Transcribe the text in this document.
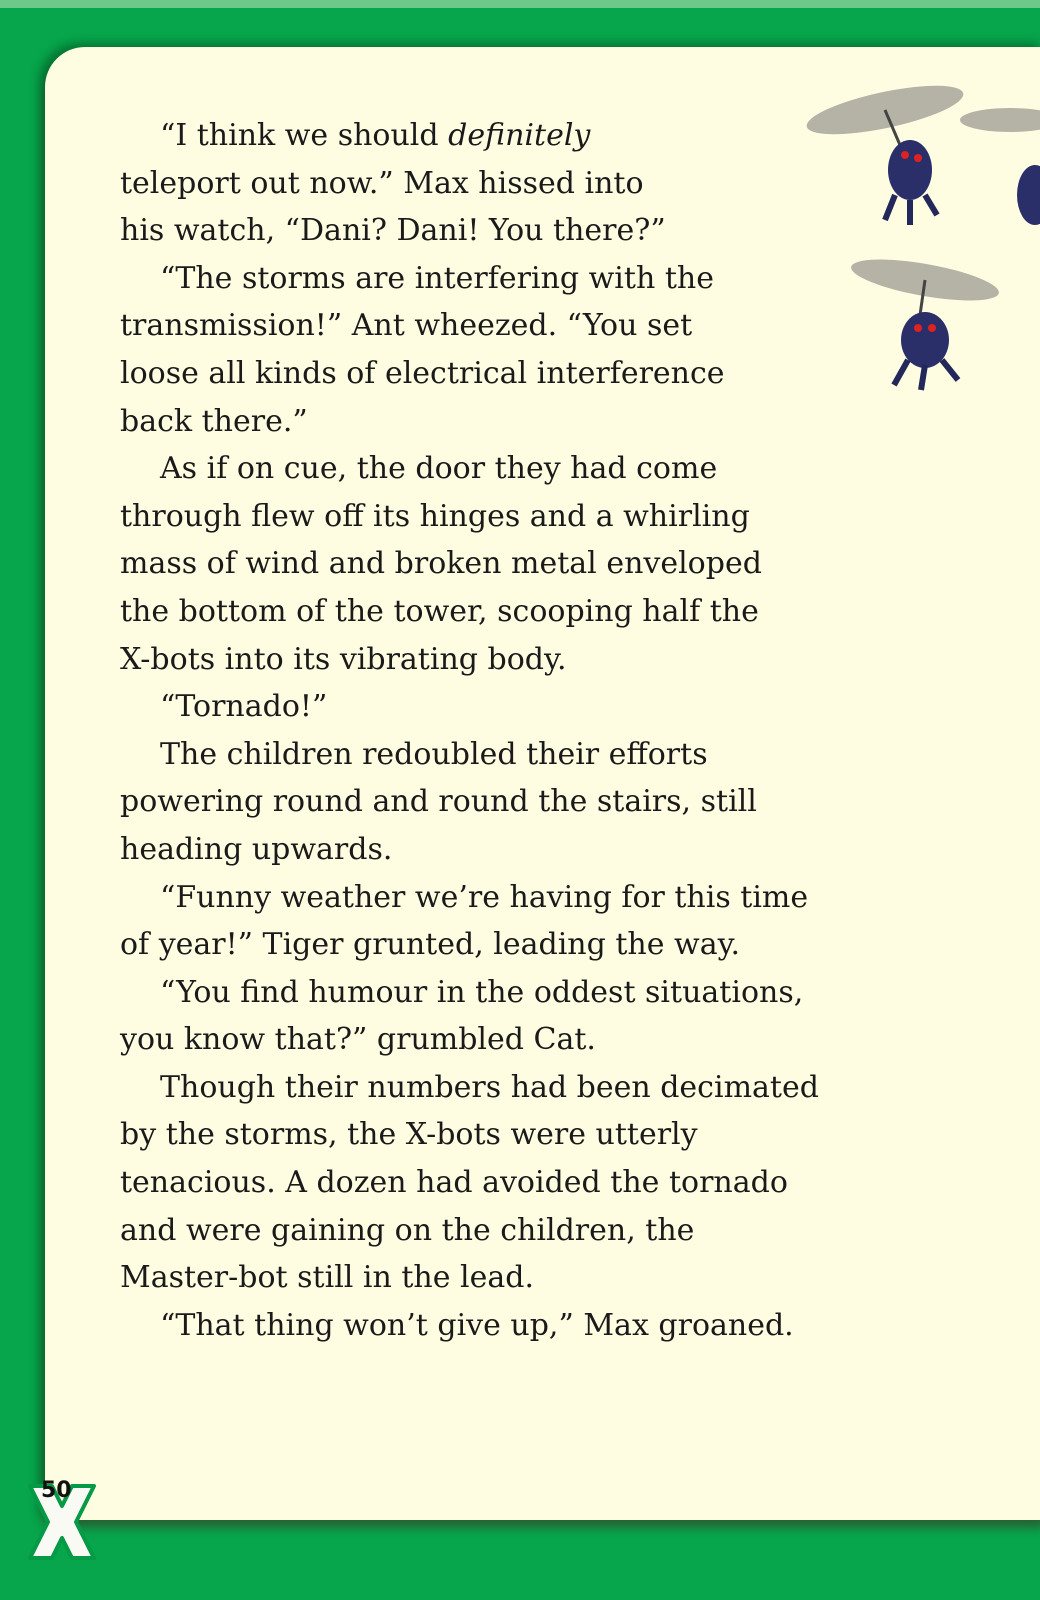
“I think we should definitely
teleport out now.” Max hissed into
his watch, “Dani? Dani! You there?”
“The storms are interfering with the
transmission!” Ant wheezed. “You set
loose all kinds of electrical interference
back there.”
As if on cue, the door they had come
through flew off its hinges and a whirling
mass of wind and broken metal enveloped
the bottom of the tower, scooping half the
X-bots into its vibrating body.
“Tornado!”
The children redoubled their efforts
powering round and round the stairs, still
heading upwards.
“Funny weather we’re having for this time
of year!” Tiger grunted, leading the way.
“You find humour in the oddest situations,
you know that?” grumbled Cat.
Though their numbers had been decimated
by the storms, the X-bots were utterly
tenacious. A dozen had avoided the tornado
and were gaining on the children, the
Master-bot still in the lead.
“That thing won’t give up,” Max groaned.
50
